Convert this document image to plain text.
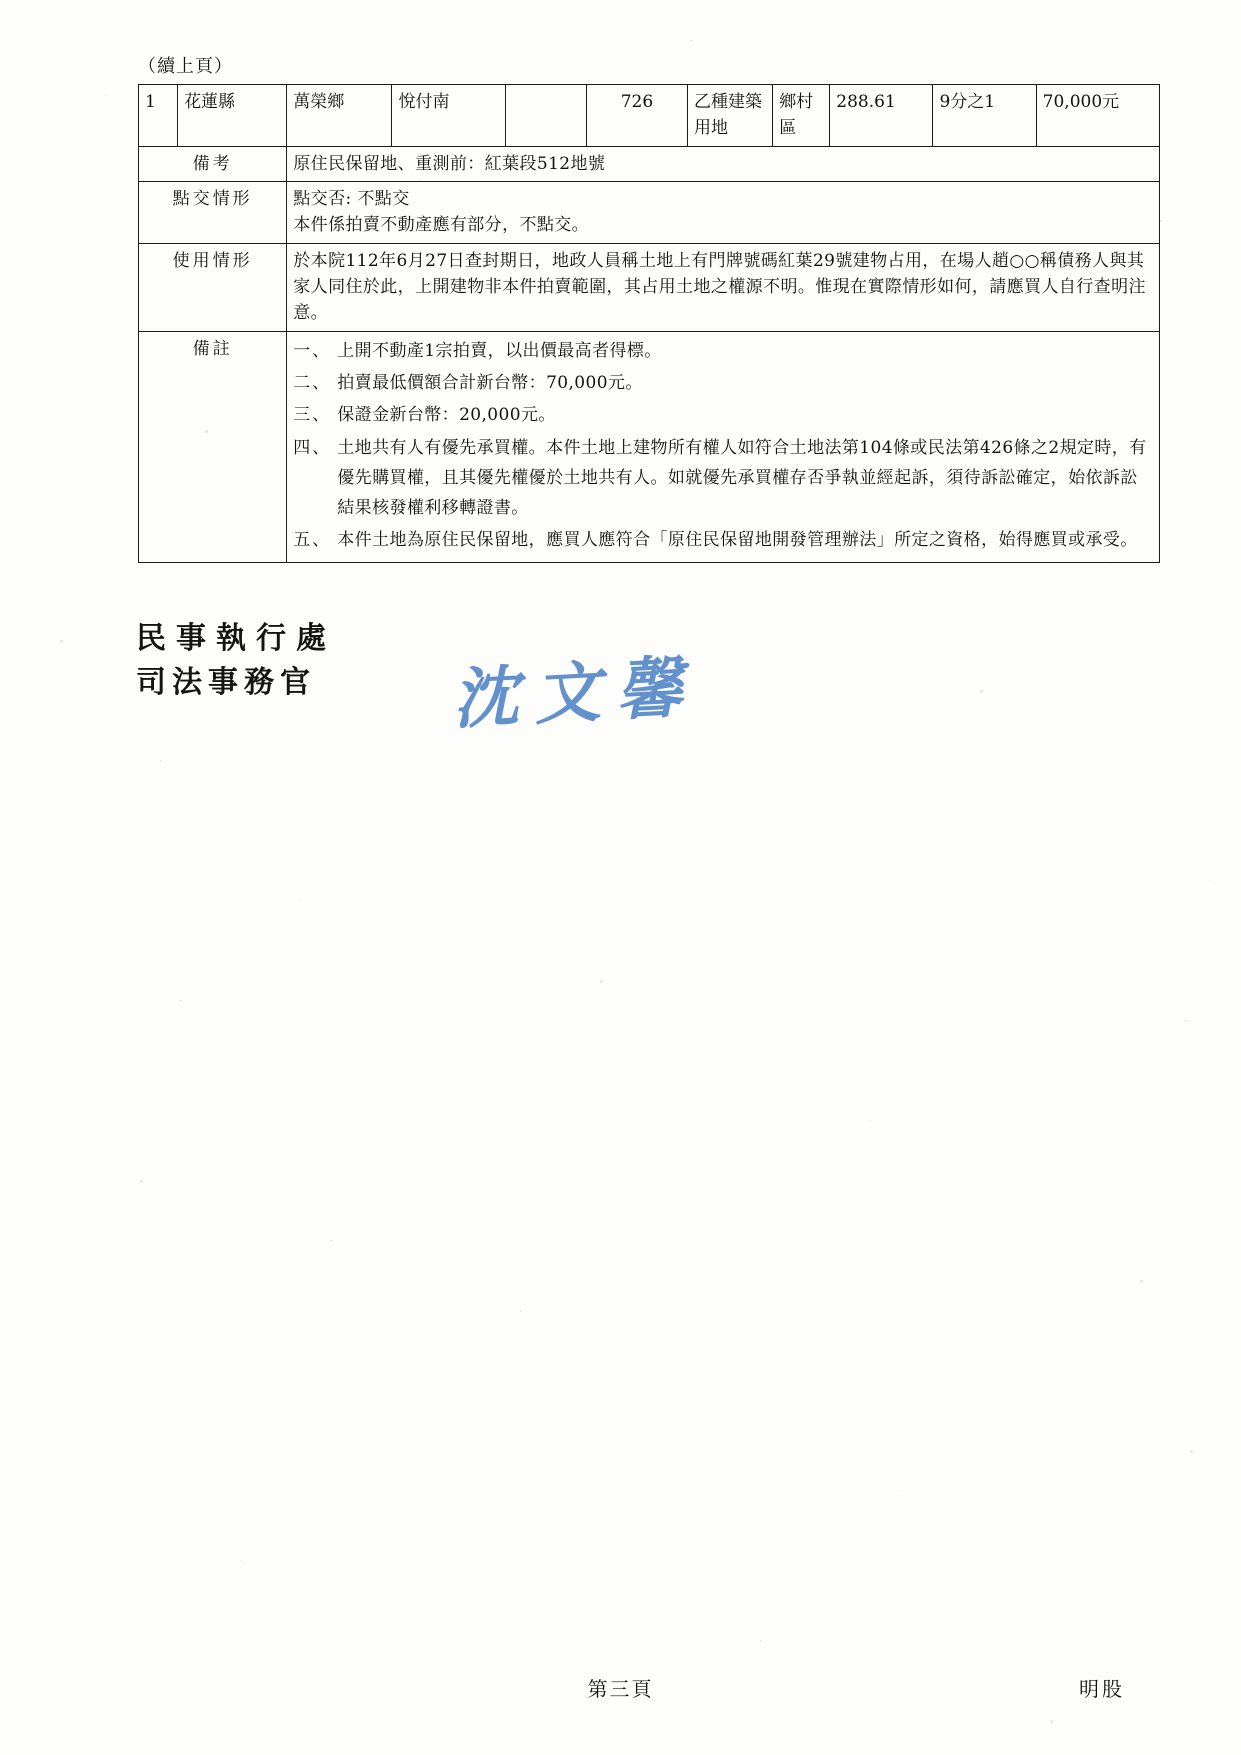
（續上頁）
1	花蓮縣	萬榮鄉	悅付南		726	乙種建築用地	鄉村區	288.61	9分之1	70,000元
備考		原住民保留地、重測前：紅葉段512地號								
點交情形		點交否: 不點交

本件係拍賣不動產應有部分，不點交。								

使用情形		於本院112年6月27日查封期日，地政人員稱土地上有門牌號碼紅葉29號建物占用，在場人趙○○稱債務人與其家人同住於此，上開建物非本件拍賣範圍，其占用土地之權源不明。惟現在實際情形如何，請應買人自行查明注意。								
備註	一、 上開不動產1宗拍賣，以出價最高者得標。
二、 拍賣最低價額合計新台幣：70,000元。
三、 保證金新台幣：20,000元。
四、 土地共有人有優先承買權。本件土地上建物所有權人如符合土地法第104條或民法第426條之2規定時，有優先購買權，且其優先權優於土地共有人。如就優先承買權存否爭執並經起訴，須待訴訟確定，始依訴訟結果核發權利移轉證書。
五、 本件土地為原住民保留地，應買人應符合「原住民保留地開發管理辦法」所定之資格，始得應買或承受。
民事執行處
司法事務官	沈文馨
第三頁	明股
